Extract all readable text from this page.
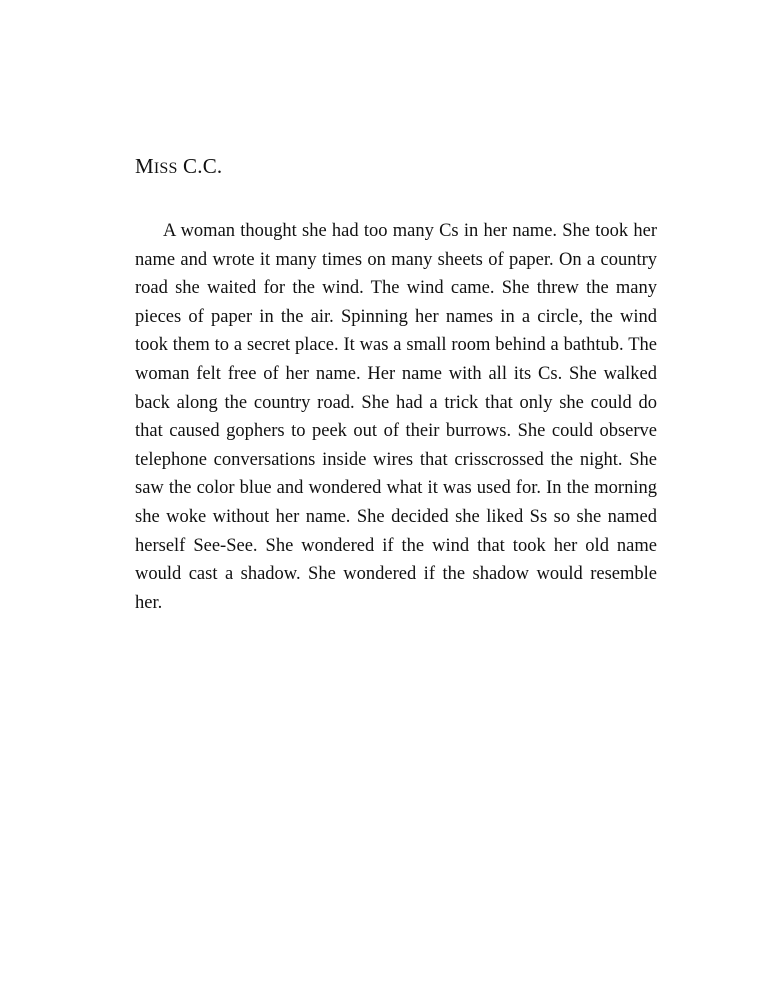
MISS C.C.

A woman thought she had too many Cs in her name. She took her name and wrote it many times on many sheets of paper. On a country road she waited for the wind. The wind came. She threw the many pieces of paper in the air. Spinning her names in a circle, the wind took them to a secret place. It was a small room behind a bathtub. The woman felt free of her name. Her name with all its Cs. She walked back along the country road. She had a trick that only she could do that caused gophers to peek out of their burrows. She could observe telephone conversations inside wires that crisscrossed the night. She saw the color blue and wondered what it was used for. In the morning she woke without her name. She decided she liked Ss so she named herself See-See. She wondered if the wind that took her old name would cast a shadow. She wondered if the shadow would resemble her.
